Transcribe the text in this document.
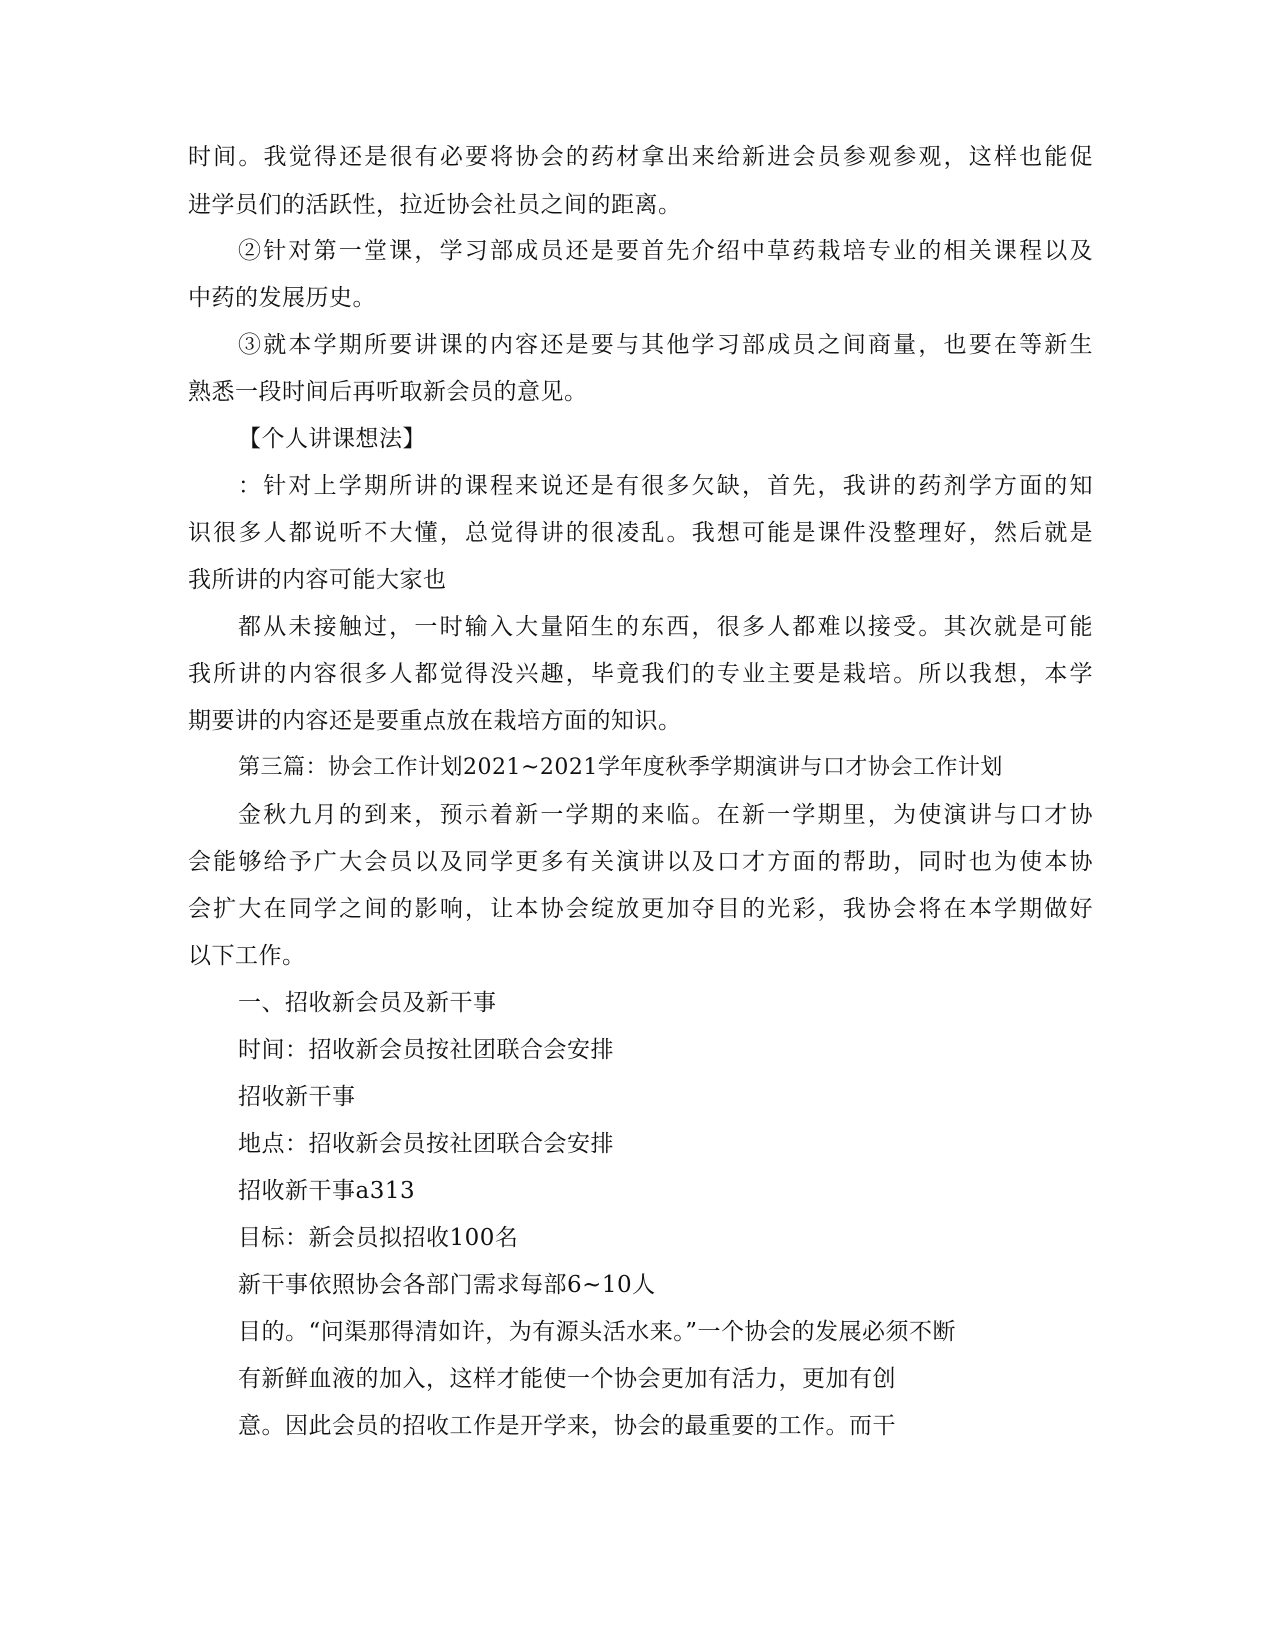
时间。我觉得还是很有必要将协会的药材拿出来给新进会员参观参观，这样也能促
进学员们的活跃性，拉近协会社员之间的距离。
②针对第一堂课，学习部成员还是要首先介绍中草药栽培专业的相关课程以及
中药的发展历史。
③就本学期所要讲课的内容还是要与其他学习部成员之间商量，也要在等新生
熟悉一段时间后再听取新会员的意见。
【个人讲课想法】
：针对上学期所讲的课程来说还是有很多欠缺，首先，我讲的药剂学方面的知
识很多人都说听不大懂，总觉得讲的很凌乱。我想可能是课件没整理好，然后就是
我所讲的内容可能大家也
都从未接触过，一时输入大量陌生的东西，很多人都难以接受。其次就是可能
我所讲的内容很多人都觉得没兴趣，毕竟我们的专业主要是栽培。所以我想，本学
期要讲的内容还是要重点放在栽培方面的知识。
第三篇：协会工作计划2021~2021学年度秋季学期演讲与口才协会工作计划
金秋九月的到来，预示着新一学期的来临。在新一学期里，为使演讲与口才协
会能够给予广大会员以及同学更多有关演讲以及口才方面的帮助，同时也为使本协
会扩大在同学之间的影响，让本协会绽放更加夺目的光彩，我协会将在本学期做好
以下工作。
一、招收新会员及新干事
时间：招收新会员按社团联合会安排
招收新干事
地点：招收新会员按社团联合会安排
招收新干事a313
目标：新会员拟招收100名
新干事依照协会各部门需求每部6~10人
目的。“问渠那得清如许，为有源头活水来。”一个协会的发展必须不断
有新鲜血液的加入，这样才能使一个协会更加有活力，更加有创
意。因此会员的招收工作是开学来，协会的最重要的工作。而干
